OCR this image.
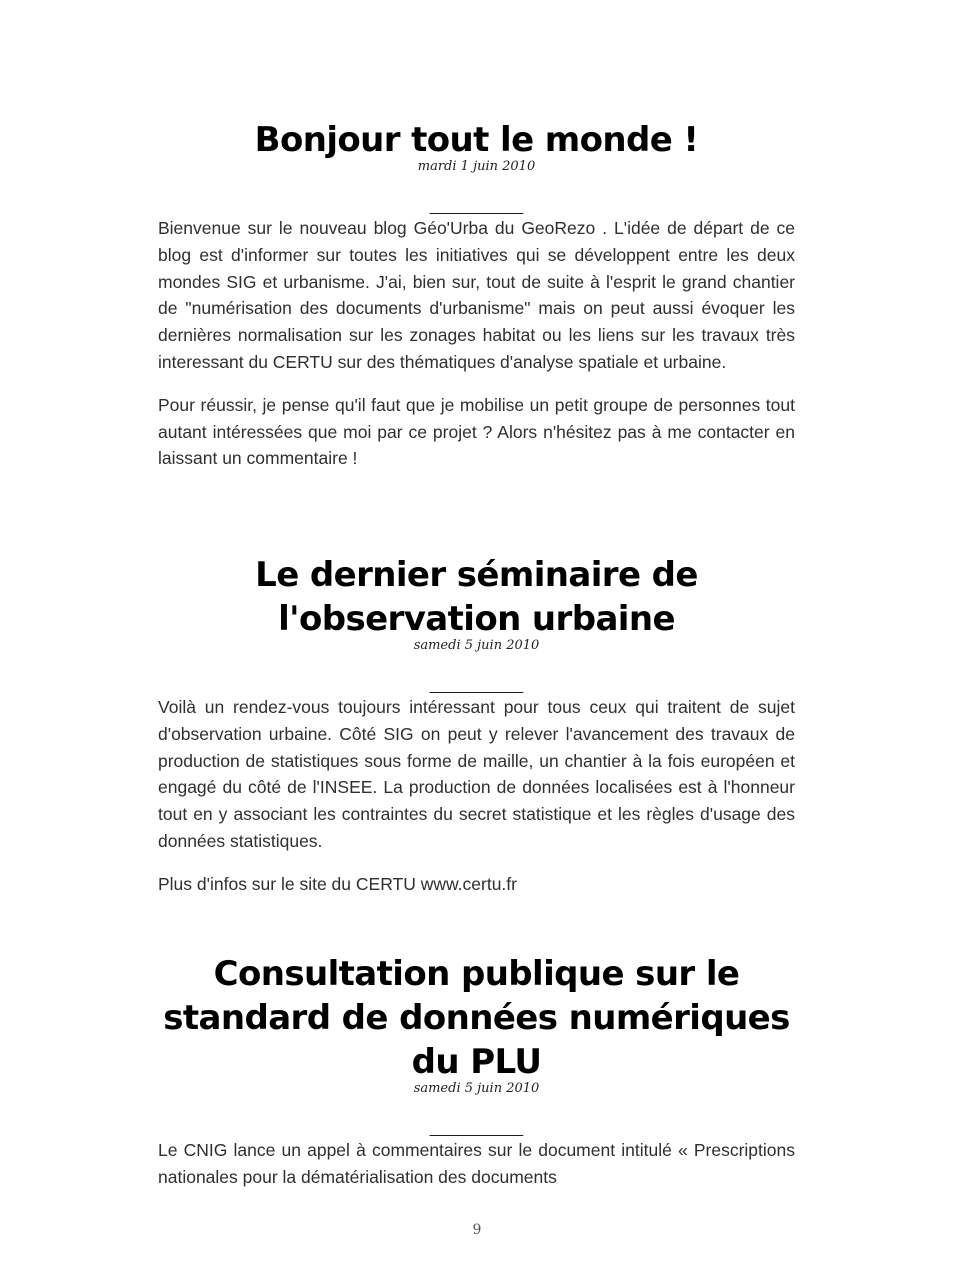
Bonjour tout le monde !
mardi 1 juin 2010
____________

Bienvenue sur le nouveau blog Géo'Urba du GeoRezo . L'idée de départ de ce blog est d'informer sur toutes les initiatives qui se développent entre les deux mondes SIG et urbanisme. J'ai, bien sur, tout de suite à l'esprit le grand chantier de "numérisation des documents d'urbanisme" mais on peut aussi évoquer les dernières normalisation sur les zonages habitat ou les liens sur les travaux très interessant du CERTU sur des thématiques d'analyse spatiale et urbaine.

Pour réussir, je pense qu'il faut que je mobilise un petit groupe de personnes tout autant intéressées que moi par ce projet ? Alors n'hésitez pas à me contacter en laissant un commentaire !

Le dernier séminaire de l'observation urbaine
samedi 5 juin 2010
____________

Voilà un rendez-vous toujours intéressant pour tous ceux qui traitent de sujet d'observation urbaine. Côté SIG on peut y relever l'avancement des travaux de production de statistiques sous forme de maille, un chantier à la fois européen et engagé du côté de l'INSEE. La production de données localisées est à l'honneur tout en y associant les contraintes du secret statistique et les règles d'usage des données statistiques.

Plus d'infos sur le site du CERTU www.certu.fr

Consultation publique sur le standard de données numériques du PLU
samedi 5 juin 2010
____________

Le CNIG lance un appel à commentaires sur le document intitulé « Prescriptions nationales pour la dématérialisation des documents

9
